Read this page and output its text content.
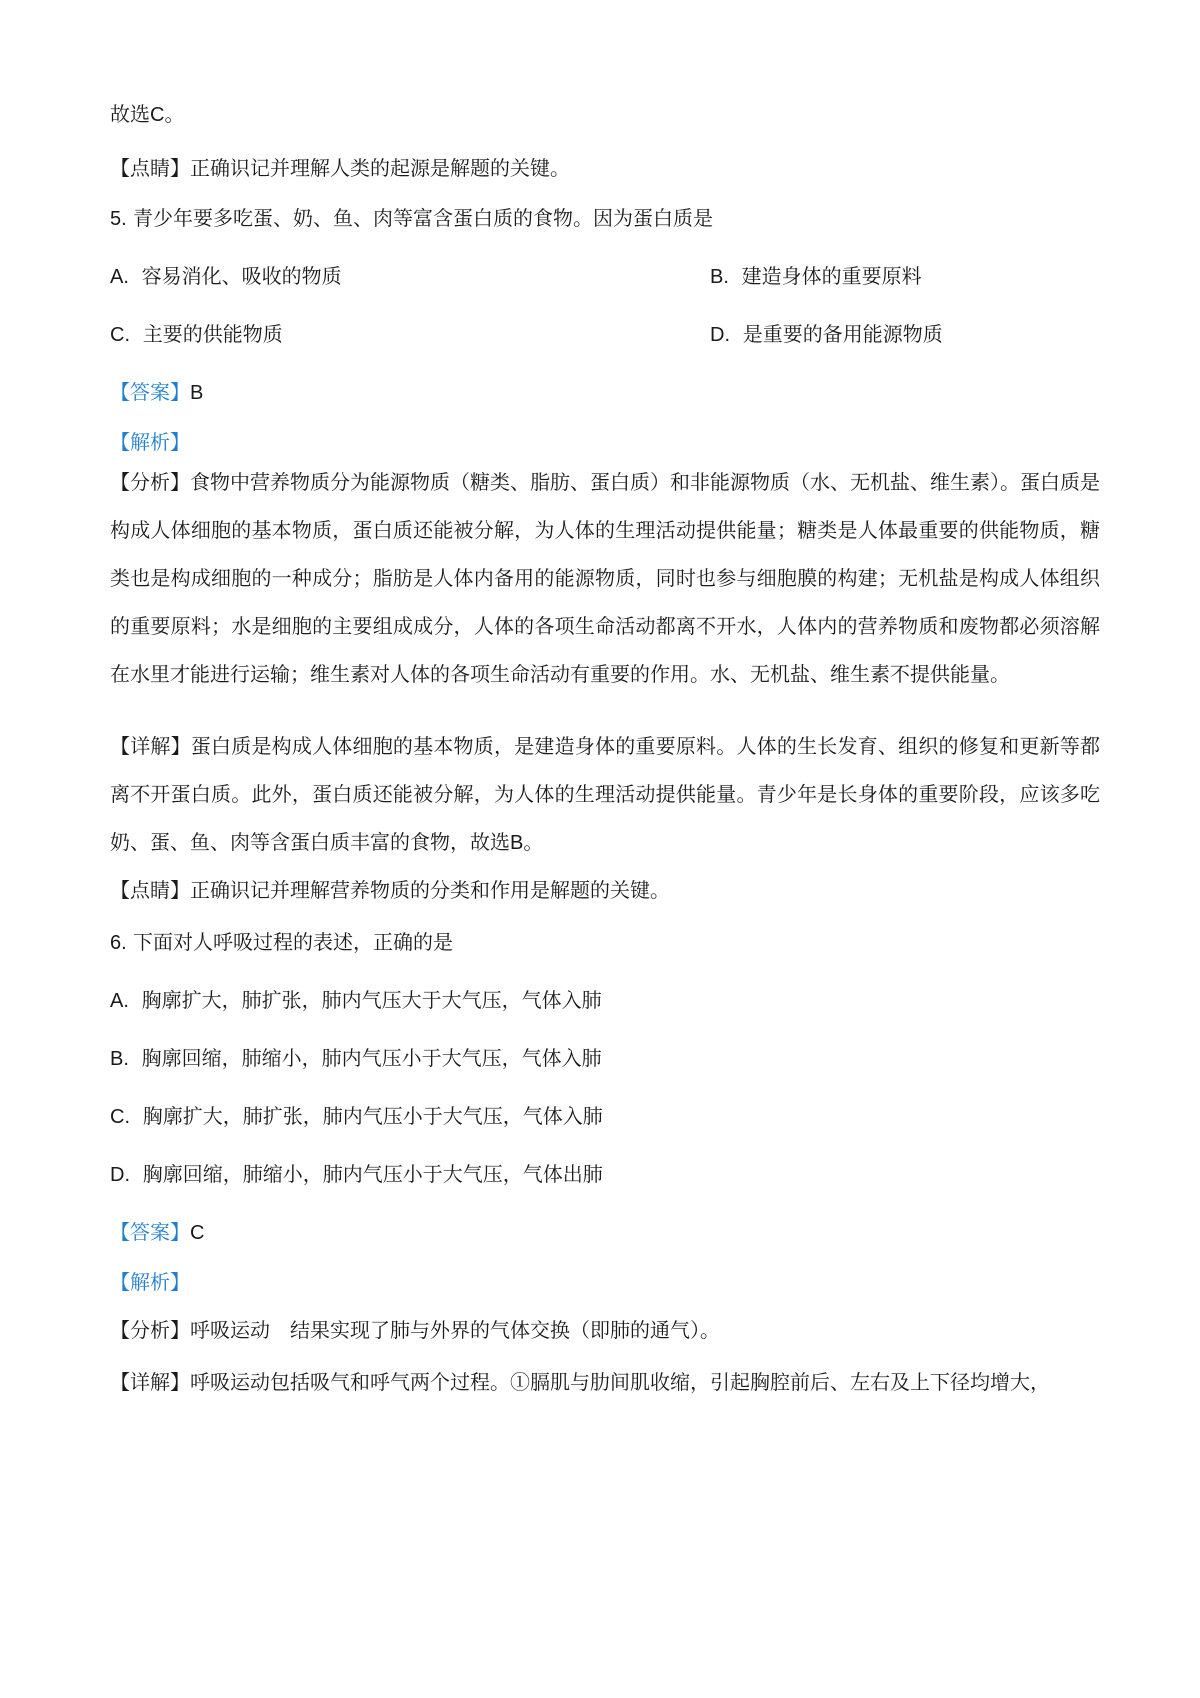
故选C。
【点睛】正确识记并理解人类的起源是解题的关键。
5. 青少年要多吃蛋、奶、鱼、肉等富含蛋白质的食物。因为蛋白质是
A. 容易消化、吸收的物质	B. 建造身体的重要原料
C. 主要的供能物质	D. 是重要的备用能源物质
【答案】B
【解析】
【分析】食物中营养物质分为能源物质（糖类、脂肪、蛋白质）和非能源物质（水、无机盐、维生素）。蛋白质是构成人体细胞的基本物质，蛋白质还能被分解，为人体的生理活动提供能量；糖类是人体最重要的供能物质，糖类也是构成细胞的一种成分；脂肪是人体内备用的能源物质，同时也参与细胞膜的构建；无机盐是构成人体组织的重要原料；水是细胞的主要组成成分，人体的各项生命活动都离不开水，人体内的营养物质和废物都必须溶解在水里才能进行运输；维生素对人体的各项生命活动有重要的作用。水、无机盐、维生素不提供能量。
【详解】蛋白质是构成人体细胞的基本物质，是建造身体的重要原料。人体的生长发育、组织的修复和更新等都离不开蛋白质。此外，蛋白质还能被分解，为人体的生理活动提供能量。青少年是长身体的重要阶段，应该多吃奶、蛋、鱼、肉等含蛋白质丰富的食物，故选B。
【点睛】正确识记并理解营养物质的分类和作用是解题的关键。
6. 下面对人呼吸过程的表述，正确的是
A. 胸廓扩大，肺扩张，肺内气压大于大气压，气体入肺
B. 胸廓回缩，肺缩小，肺内气压小于大气压，气体入肺
C. 胸廓扩大，肺扩张，肺内气压小于大气压，气体入肺
D. 胸廓回缩，肺缩小，肺内气压小于大气压，气体出肺
【答案】C
【解析】
【分析】呼吸运动　结果实现了肺与外界的气体交换（即肺的通气）。
【详解】呼吸运动包括吸气和呼气两个过程。①膈肌与肋间肌收缩，引起胸腔前后、左右及上下径均增大，
